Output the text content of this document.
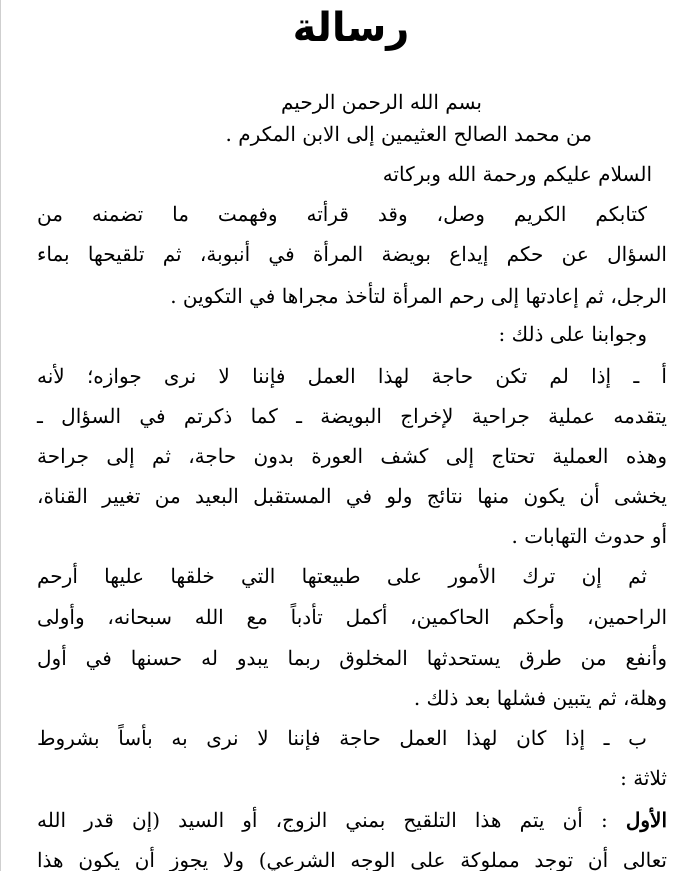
رسالة
بسم الله الرحمن الرحيم
من محمد الصالح العثيمين إلى الابن المكرم .
السلام عليكم ورحمة الله وبركاته
كتابكم الكريم وصل، وقد قرأته وفهمت ما تضمنه من
السؤال عن حكم إيداع بويضة المرأة في أنبوبة، ثم تلقيحها بماء
الرجل، ثم إعادتها إلى رحم المرأة لتأخذ مجراها في التكوين .
وجوابنا على ذلك :
أ ـ إذا لم تكن حاجة لهذا العمل فإننا لا نرى جوازه؛ لأنه
يتقدمه عملية جراحية لإخراج البويضة ـ كما ذكرتم في السؤال ـ
وهذه العملية تحتاج إلى كشف العورة بدون حاجة، ثم إلى جراحة
يخشى أن يكون منها نتائج ولو في المستقبل البعيد من تغيير القناة،
أو حدوث التهابات .
ثم إن ترك الأمور على طبيعتها التي خلقها عليها أرحم
الراحمين، وأحكم الحاكمين، أكمل تأدباً مع الله سبحانه، وأولى
وأنفع من طرق يستحدثها المخلوق ربما يبدو له حسنها في أول
وهلة، ثم يتبين فشلها بعد ذلك .
ب ـ إذا كان لهذا العمل حاجة فإننا لا نرى به بأساً بشروط
ثلاثة :
الأول : أن يتم هذا التلقيح بمني الزوج، أو السيد (إن قدر الله
تعالى أن توجد مملوكة على الوجه الشرعي) ولا يجوز أن يكون هذا
